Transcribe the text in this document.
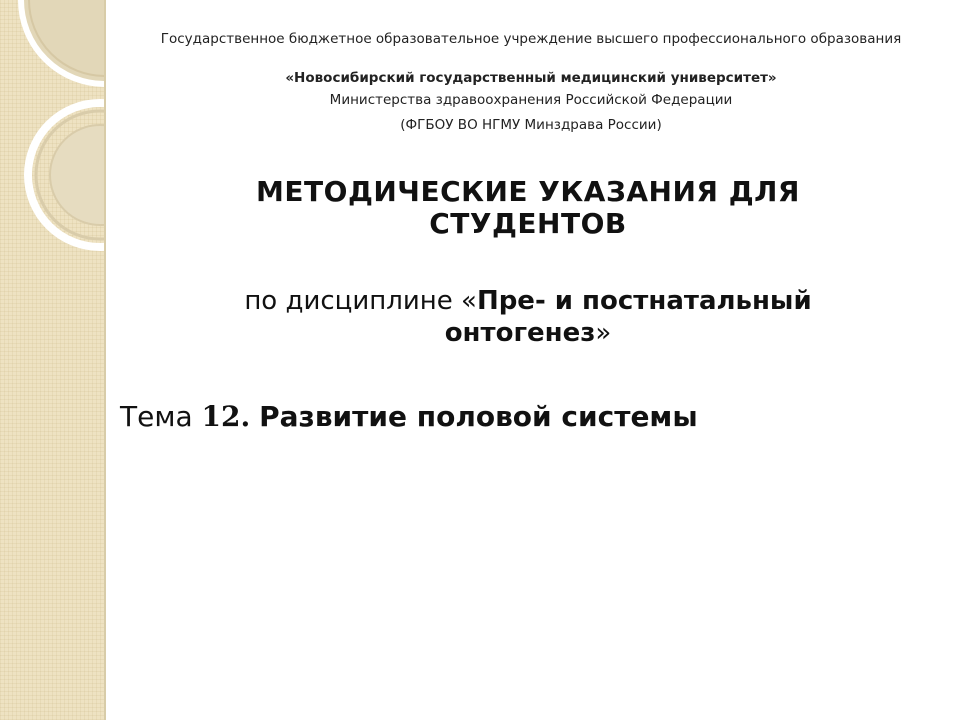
Государственное бюджетное образовательное учреждение высшего профессионального образования
«Новосибирский государственный медицинский университет»
Министерства здравоохранения Российской Федерации
(ФГБОУ ВО НГМУ Минздрава России)
МЕТОДИЧЕСКИЕ УКАЗАНИЯ ДЛЯ СТУДЕНТОВ
по дисциплине «Пре- и постнатальный онтогенез»
Тема 12. Развитие половой системы
